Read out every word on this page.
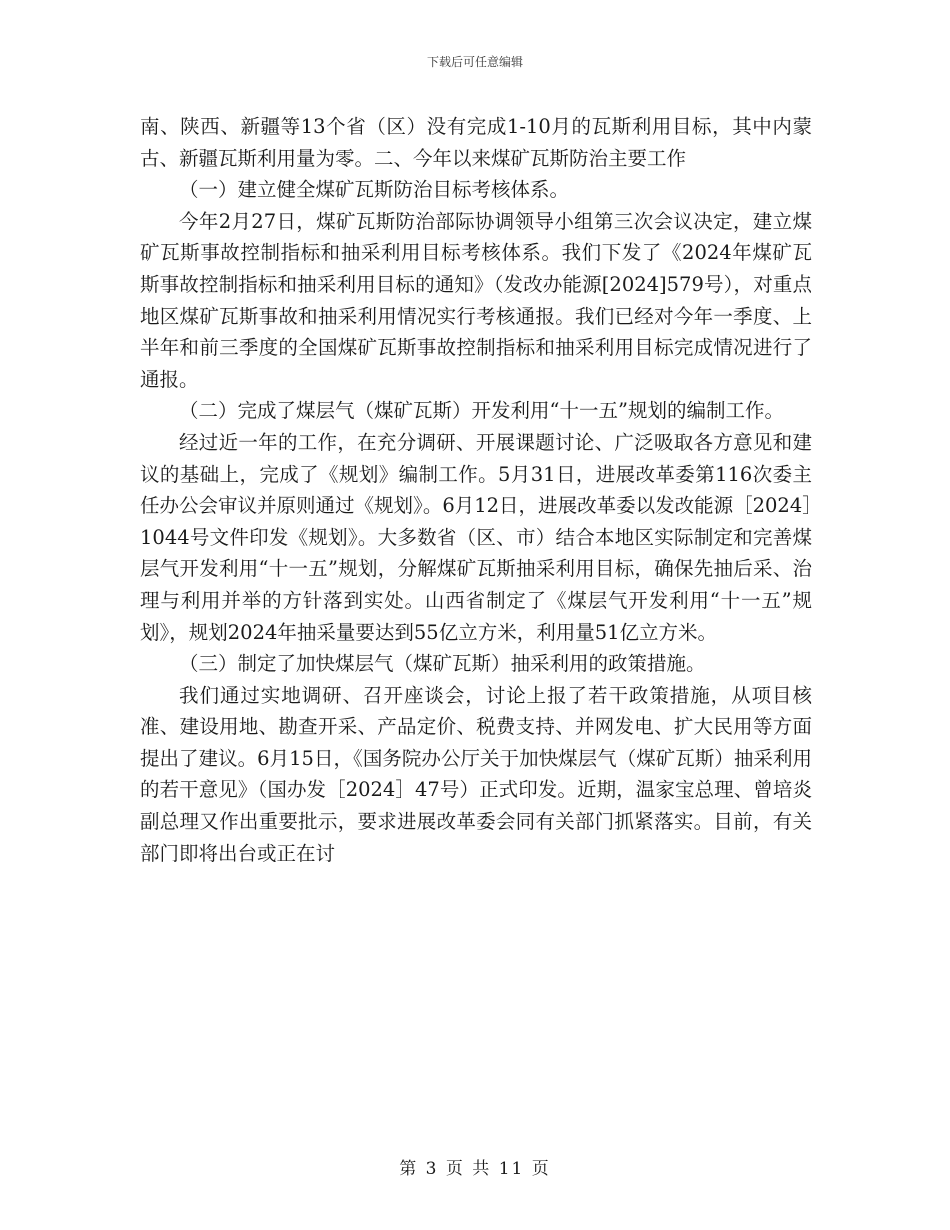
下载后可任意编辑

南、陕西、新疆等13个省（区）没有完成1-10月的瓦斯利用目标，其中内蒙古、新疆瓦斯利用量为零。二、今年以来煤矿瓦斯防治主要工作

（一）建立健全煤矿瓦斯防治目标考核体系。

今年2月27日，煤矿瓦斯防治部际协调领导小组第三次会议决定，建立煤矿瓦斯事故控制指标和抽采利用目标考核体系。我们下发了《2024年煤矿瓦斯事故控制指标和抽采利用目标的通知》（发改办能源[2024]579号），对重点地区煤矿瓦斯事故和抽采利用情况实行考核通报。我们已经对今年一季度、上半年和前三季度的全国煤矿瓦斯事故控制指标和抽采利用目标完成情况进行了通报。

（二）完成了煤层气（煤矿瓦斯）开发利用“十一五”规划的编制工作。

经过近一年的工作，在充分调研、开展课题讨论、广泛吸取各方意见和建议的基础上，完成了《规划》编制工作。5月31日，进展改革委第116次委主任办公会审议并原则通过《规划》。6月12日，进展改革委以发改能源［2024］1044号文件印发《规划》。大多数省（区、市）结合本地区实际制定和完善煤层气开发利用“十一五”规划，分解煤矿瓦斯抽采利用目标，确保先抽后采、治理与利用并举的方针落到实处。山西省制定了《煤层气开发利用“十一五”规划》，规划2024年抽采量要达到55亿立方米，利用量51亿立方米。

（三）制定了加快煤层气（煤矿瓦斯）抽采利用的政策措施。

我们通过实地调研、召开座谈会，讨论上报了若干政策措施，从项目核准、建设用地、勘查开采、产品定价、税费支持、并网发电、扩大民用等方面提出了建议。6月15日，《国务院办公厅关于加快煤层气（煤矿瓦斯）抽采利用的若干意见》（国办发［2024］47号）正式印发。近期，温家宝总理、曾培炎副总理又作出重要批示，要求进展改革委会同有关部门抓紧落实。目前，有关部门即将出台或正在讨

第 3 页 共 11 页
